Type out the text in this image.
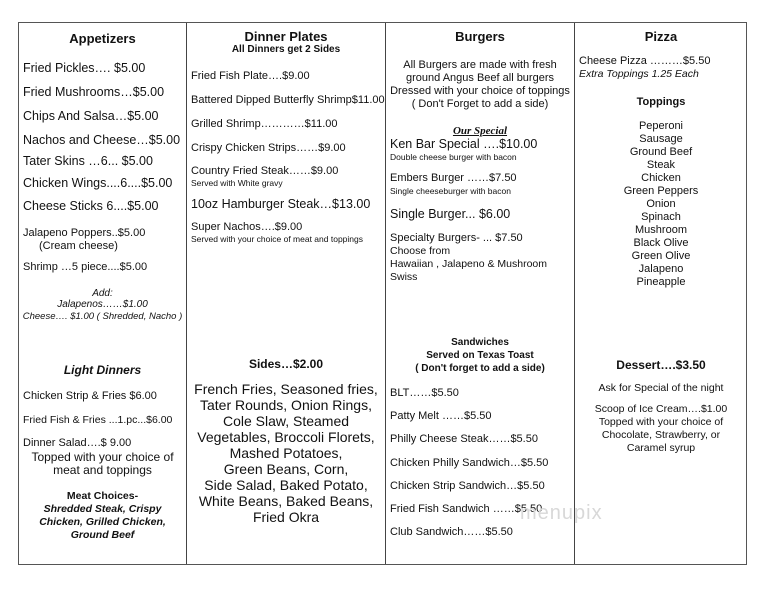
Appetizers
Fried Pickles…. $5.00
Fried Mushrooms…$5.00
Chips And Salsa…$5.00
Nachos and Cheese…$5.00
Tater Skins …6... $5.00
Chicken Wings....6....$5.00
Cheese Sticks 6....$5.00
Jalapeno Poppers..$5.00
(Cream cheese)
Shrimp …5 piece....$5.00
Add:
Jalapenos……$1.00
Cheese…. $1.00 ( Shredded, Nacho )
Light Dinners
Chicken Strip & Fries $6.00
Fried Fish & Fries ...1.pc...$6.00
Dinner Salad….$ 9.00
Topped with your choice of
meat and toppings
Meat Choices-
Shredded Steak, Crispy
Chicken, Grilled Chicken,
Ground Beef
Dinner Plates
All Dinners get 2 Sides
Fried Fish Plate….$9.00
Battered Dipped Butterfly Shrimp$11.00
Grilled Shrimp…………$11.00
Crispy Chicken Strips……$9.00
Country Fried Steak……$9.00
Served with White gravy
10oz Hamburger Steak…$13.00
Super Nachos….$9.00
Served with your choice of meat and toppings
Sides…$2.00
French Fries, Seasoned fries,
Tater Rounds, Onion Rings,
Cole Slaw, Steamed
Vegetables, Broccoli Florets,
Mashed Potatoes,
Green Beans, Corn,
Side Salad, Baked Potato,
White Beans, Baked Beans,
Fried Okra
Burgers
All Burgers are made with fresh
ground Angus Beef all burgers
Dressed with your choice of toppings
( Don't Forget to add a side)
Our Special
Ken Bar Special ….$10.00
Double cheese burger with bacon
Embers Burger ……$7.50
Single cheeseburger with bacon
Single Burger... $6.00
Specialty Burgers- ... $7.50
Choose from
Hawaiian , Jalapeno & Mushroom
Swiss
Sandwiches
Served on Texas Toast
( Don't forget to add a side)
BLT……$5.50
Patty Melt ……$5.50
Philly Cheese Steak……$5.50
Chicken Philly Sandwich…$5.50
Chicken Strip Sandwich…$5.50
Fried Fish Sandwich ……$5.50
Club Sandwich……$5.50
Pizza
Cheese Pizza ………$5.50
Extra Toppings 1.25 Each
Toppings
Peperoni
Sausage
Ground Beef
Steak
Chicken
Green Peppers
Onion
Spinach
Mushroom
Black Olive
Green Olive
Jalapeno
Pineapple
Dessert….$3.50
Ask for Special of the night
Scoop of Ice Cream….$1.00
Topped with your choice of
Chocolate, Strawberry, or
Caramel syrup
menupix
